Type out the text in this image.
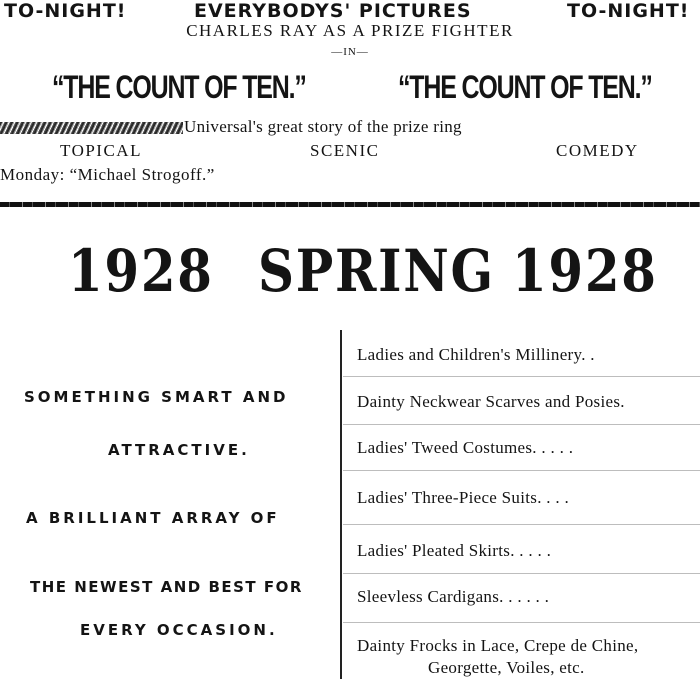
TO-NIGHT!	EVERYBODYS' PICTURES	TO-NIGHT!
CHARLES RAY AS A PRIZE FIGHTER
—IN—
“THE COUNT OF TEN.”	“THE COUNT OF TEN.”
Universal's great story of the prize ring
TOPICAL	SCENIC	COMEDY
Monday: “Michael Strogoff.”
1928 SPRING 1928
SOMETHING SMART AND
ATTRACTIVE.
A BRILLIANT ARRAY OF
THE NEWEST AND BEST FOR
EVERY OCCASION.
Ladies and Children's Millinery. .
Dainty Neckwear Scarves and Posies.
Ladies' Tweed Costumes. . . . .
Ladies' Three-Piece Suits. . . .
Ladies' Pleated Skirts. . . . .
Sleevless Cardigans. . . . . .
Dainty Frocks in Lace, Crepe de Chine,
Georgette, Voiles, etc.
